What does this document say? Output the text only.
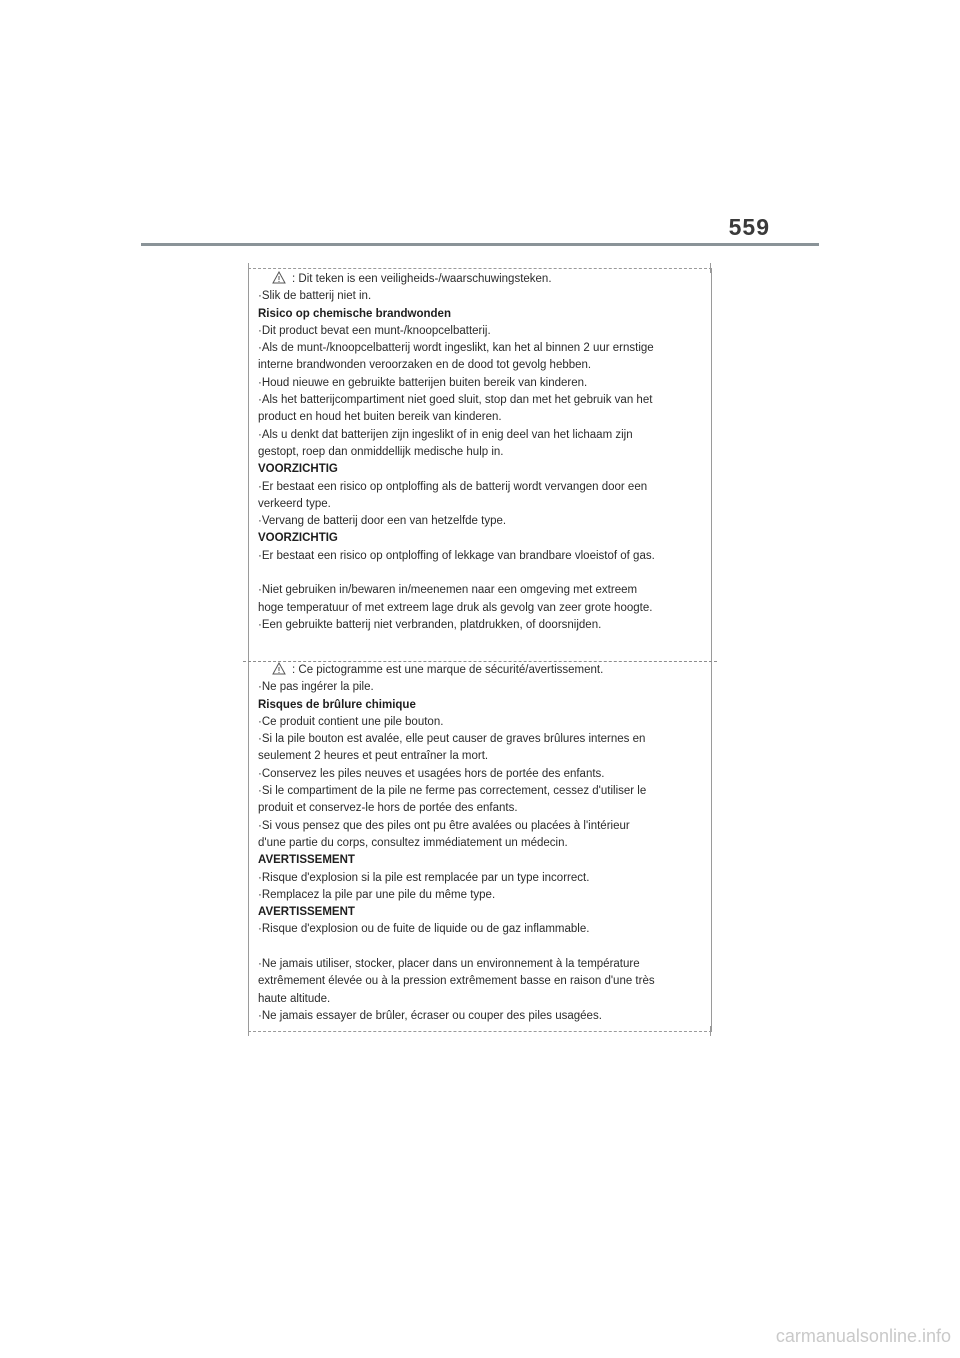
559
: Dit teken is een veiligheids-/waarschuwingsteken.
·Slik de batterij niet in.
Risico op chemische brandwonden
·Dit product bevat een munt-/knoopcelbatterij.
·Als de munt-/knoopcelbatterij wordt ingeslikt, kan het al binnen 2 uur ernstige
interne brandwonden veroorzaken en de dood tot gevolg hebben.
·Houd nieuwe en gebruikte batterijen buiten bereik van kinderen.
·Als het batterijcompartiment niet goed sluit, stop dan met het gebruik van het
product en houd het buiten bereik van kinderen.
·Als u denkt dat batterijen zijn ingeslikt of in enig deel van het lichaam zijn
gestopt, roep dan onmiddellijk medische hulp in.
VOORZICHTIG
·Er bestaat een risico op ontploffing als de batterij wordt vervangen door een
verkeerd type.
·Vervang de batterij door een van hetzelfde type.
VOORZICHTIG
·Er bestaat een risico op ontploffing of lekkage van brandbare vloeistof of gas.
·Niet gebruiken in/bewaren in/meenemen naar een omgeving met extreem
hoge temperatuur of met extreem lage druk als gevolg van zeer grote hoogte.
·Een gebruikte batterij niet verbranden, platdrukken, of doorsnijden.
: Ce pictogramme est une marque de sécurité/avertissement.
·Ne pas ingérer la pile.
Risques de brûlure chimique
·Ce produit contient une pile bouton.
·Si la pile bouton est avalée, elle peut causer de graves brûlures internes en
seulement 2 heures et peut entraîner la mort.
·Conservez les piles neuves et usagées hors de portée des enfants.
·Si le compartiment de la pile ne ferme pas correctement, cessez d'utiliser le
produit et conservez-le hors de portée des enfants.
·Si vous pensez que des piles ont pu être avalées ou placées à l'intérieur
d'une partie du corps, consultez immédiatement un médecin.
AVERTISSEMENT
·Risque d'explosion si la pile est remplacée par un type incorrect.
·Remplacez la pile par une pile du même type.
AVERTISSEMENT
·Risque d'explosion ou de fuite de liquide ou de gaz inflammable.
·Ne jamais utiliser, stocker, placer dans un environnement à la température
extrêmement élevée ou à la pression extrêmement basse en raison d'une très
haute altitude.
·Ne jamais essayer de brûler, écraser ou couper des piles usagées.
carmanualsonline.info
